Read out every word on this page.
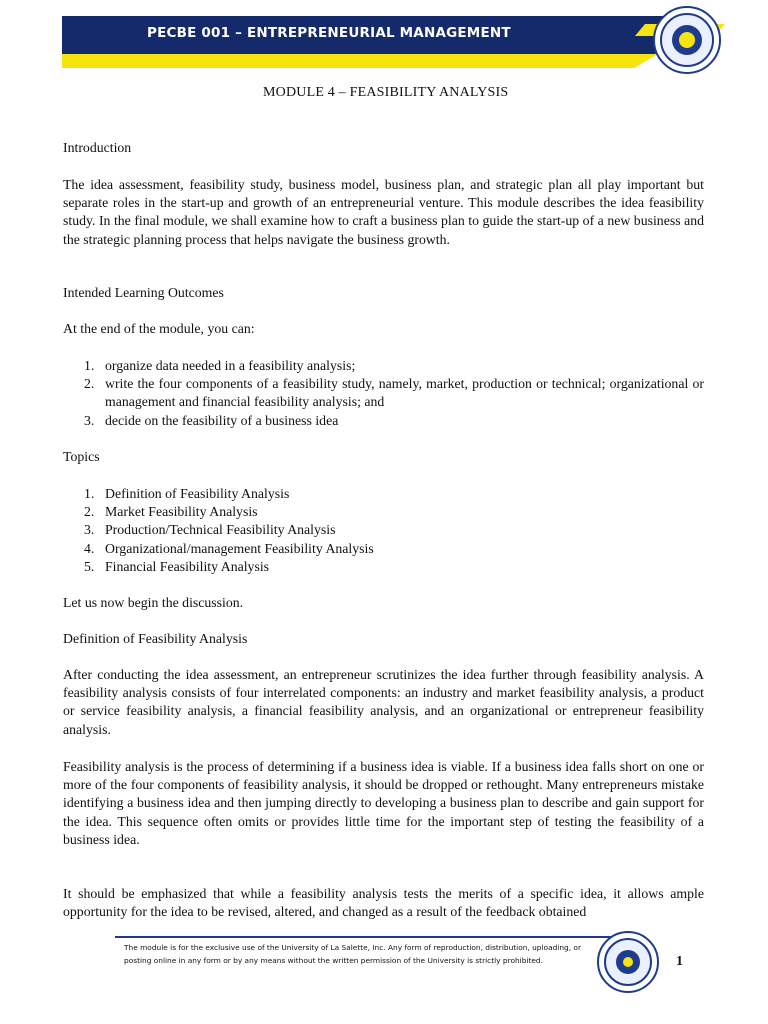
PECBE 001 – ENTREPRENEURIAL MANAGEMENT
MODULE 4 – FEASIBILITY ANALYSIS
Introduction
The idea assessment, feasibility study, business model, business plan, and strategic plan all play important but separate roles in the start-up and growth of an entrepreneurial venture. This module describes the idea feasibility study. In the final module, we shall examine how to craft a business plan to guide the start-up of a new business and the strategic planning process that helps navigate the business growth.
Intended Learning Outcomes
At the end of the module, you can:
1. organize data needed in a feasibility analysis;
2. write the four components of a feasibility study, namely, market, production or technical; organizational or management and financial feasibility analysis; and
3. decide on the feasibility of a business idea
Topics
1. Definition of Feasibility Analysis
2. Market Feasibility Analysis
3. Production/Technical Feasibility Analysis
4. Organizational/management Feasibility Analysis
5. Financial Feasibility Analysis
Let us now begin the discussion.
Definition of Feasibility Analysis
After conducting the idea assessment, an entrepreneur scrutinizes the idea further through feasibility analysis. A feasibility analysis consists of four interrelated components: an industry and market feasibility analysis, a product or service feasibility analysis, a financial feasibility analysis, and an organizational or entrepreneur feasibility analysis.
Feasibility analysis is the process of determining if a business idea is viable. If a business idea falls short on one or more of the four components of feasibility analysis, it should be dropped or rethought. Many entrepreneurs mistake identifying a business idea and then jumping directly to developing a business plan to describe and gain support for the idea. This sequence often omits or provides little time for the important step of testing the feasibility of a business idea.
It should be emphasized that while a feasibility analysis tests the merits of a specific idea, it allows ample opportunity for the idea to be revised, altered, and changed as a result of the feedback obtained
The module is for the exclusive use of the University of La Salette, Inc. Any form of reproduction, distribution, uploading, or posting online in any form or by any means without the written permission of the University is strictly prohibited.	1
